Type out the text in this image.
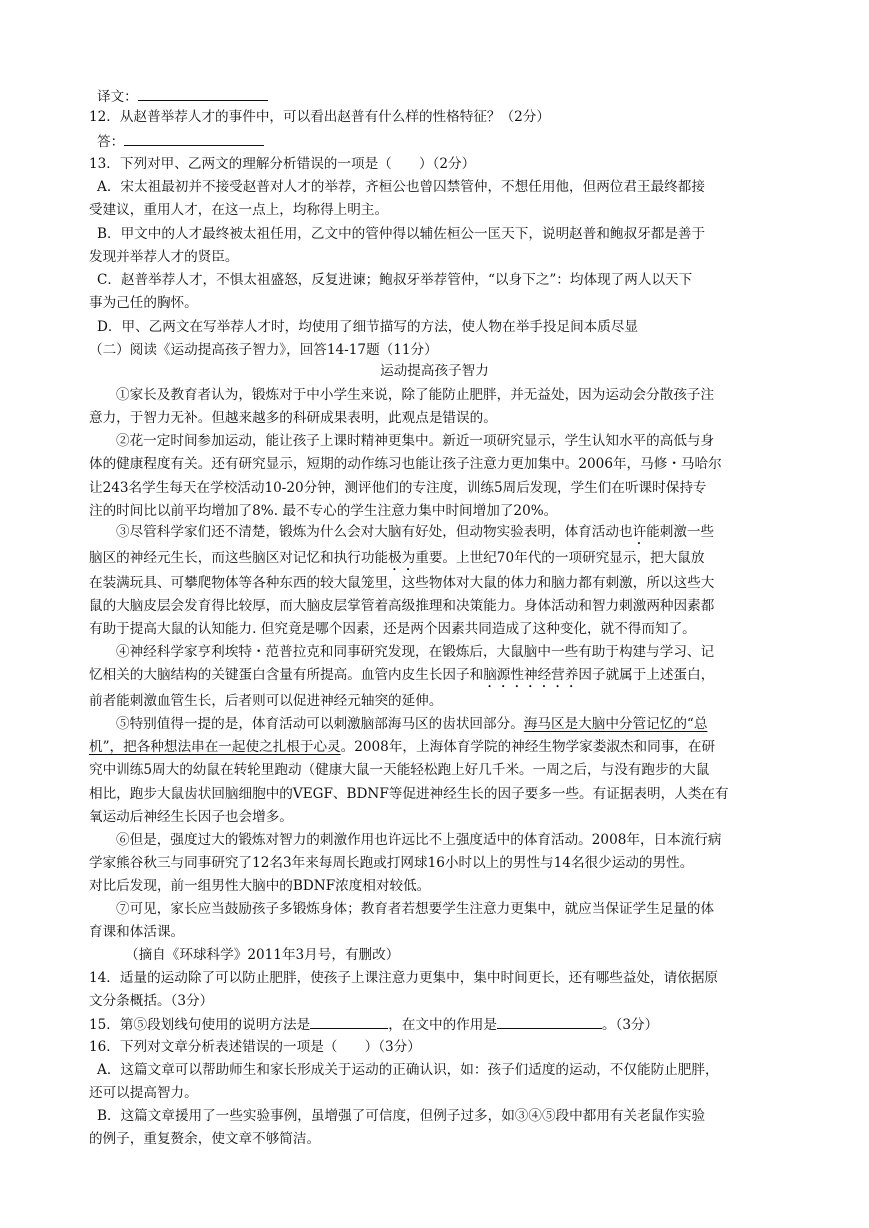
译文：
12．从赵普举荐人才的事件中，可以看出赵普有什么样的性格特征？（2分）
答：
13．下列对甲、乙两文的理解分析错误的一项是（　　）（2分）
A．宋太祖最初并不接受赵普对人才的举荐，齐桓公也曾囚禁管仲，不想任用他，但两位君王最终都接
受建议，重用人才，在这一点上，均称得上明主。
B．甲文中的人才最终被太祖任用，乙文中的管仲得以辅佐桓公一匡天下，说明赵普和鲍叔牙都是善于
发现并举荐人才的贤臣。
C．赵普举荐人才，不惧太祖盛怒，反复进谏；鲍叔牙举荐管仲，“以身下之”：均体现了两人以天下
事为己任的胸怀。
D．甲、乙两文在写举荐人才时，均使用了细节描写的方法，使人物在举手投足间本质尽显
（二）阅读《运动提高孩子智力》，回答14-17题（11分）
运动提高孩子智力
①家长及教育者认为，锻炼对于中小学生来说，除了能防止肥胖，并无益处，因为运动会分散孩子注
意力，于智力无补。但越来越多的科研成果表明，此观点是错误的。
②花一定时间参加运动，能让孩子上课时精神更集中。新近一项研究显示，学生认知水平的高低与身
体的健康程度有关。还有研究显示，短期的动作练习也能让孩子注意力更加集中。2006年，马修・马哈尔
让243名学生每天在学校活动10-20分钟，测评他们的专注度，训练5周后发现，学生们在听课时保持专
注的时间比以前平均增加了8%. 最不专心的学生注意力集中时间增加了20%。
③尽管科学家们还不清楚，锻炼为什么会对大脑有好处，但动物实验表明，体育活动也许能刺激一些
脑区的神经元生长，而这些脑区对记忆和执行功能极为重要。上世纪70年代的一项研究显示，把大鼠放
在装满玩具、可攀爬物体等各种东西的较大鼠笼里，这些物体对大鼠的体力和脑力都有刺激，所以这些大
鼠的大脑皮层会发育得比较厚，而大脑皮层掌管着高级推理和决策能力。身体活动和智力刺激两种因素都
有助于提高大鼠的认知能力. 但究竟是哪个因素，还是两个因素共同造成了这种变化，就不得而知了。
④神经科学家亨利埃特・范普拉克和同事研究发现，在锻炼后，大鼠脑中一些有助于构建与学习、记
忆相关的大脑结构的关键蛋白含量有所提高。血管内皮生长因子和脑源性神经营养因子就属于上述蛋白，
前者能刺激血管生长，后者则可以促进神经元轴突的延伸。
⑤特别值得一提的是，体育活动可以刺激脑部海马区的齿状回部分。海马区是大脑中分管记忆的“总
机”，把各种想法串在一起使之扎根于心灵。2008年，上海体育学院的神经生物学家娄淑杰和同事，在研
究中训练5周大的幼鼠在转轮里跑动（健康大鼠一天能轻松跑上好几千米。一周之后，与没有跑步的大鼠
相比，跑步大鼠齿状回脑细胞中的VEGF、BDNF等促进神经生长的因子要多一些。有证据表明，人类在有
氧运动后神经生长因子也会增多。
⑥但是，强度过大的锻炼对智力的刺激作用也许远比不上强度适中的体育活动。2008年，日本流行病
学家熊谷秋三与同事研究了12名3年来每周长跑或打网球16小时以上的男性与14名很少运动的男性。
对比后发现，前一组男性大脑中的BDNF浓度相对较低。
⑦可见，家长应当鼓励孩子多锻炼身体；教育者若想要学生注意力更集中，就应当保证学生足量的体
育课和体活课。
（摘自《环球科学》2011年3月号，有删改）
14．适量的运动除了可以防止肥胖，使孩子上课注意力更集中，集中时间更长，还有哪些益处，请依据原
文分条概括。（3分）
15．第⑤段划线句使用的说明方法是	，在文中的作用是	。（3分）
16．下列对文章分析表述错误的一项是（　　）（3分）
A．这篇文章可以帮助师生和家长形成关于运动的正确认识，如：孩子们适度的运动，不仅能防止肥胖，
还可以提高智力。
B．这篇文章援用了一些实验事例，虽增强了可信度，但例子过多，如③④⑤段中都用有关老鼠作实验
的例子，重复赘余，使文章不够简洁。
